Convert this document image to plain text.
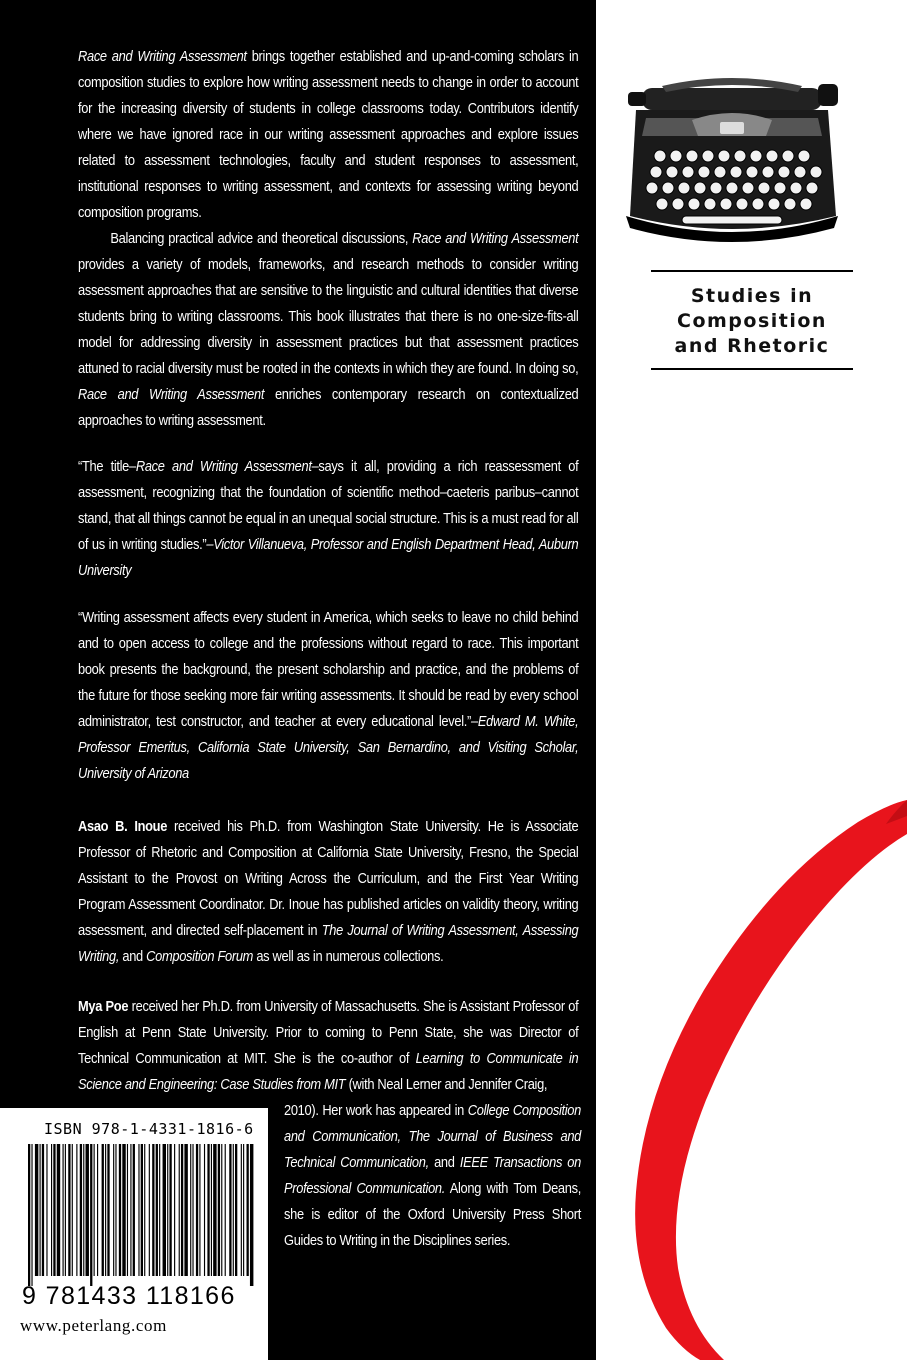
Race and Writing Assessment brings together established and up-and-coming scholars in composition studies to explore how writing assessment needs to change in order to account for the increasing diversity of students in college classrooms today. Contributors identify where we have ignored race in our writing assessment approaches and explore issues related to assessment technologies, faculty and student responses to assessment, institutional responses to writing assessment, and contexts for assessing writing beyond composition programs.

Balancing practical advice and theoretical discussions, Race and Writing Assessment provides a variety of models, frameworks, and research methods to consider writing assessment approaches that are sensitive to the linguistic and cultural identities that diverse students bring to writing classrooms. This book illustrates that there is no one-size-fits-all model for addressing diversity in assessment practices but that assessment practices attuned to racial diversity must be rooted in the contexts in which they are found. In doing so, Race and Writing Assessment enriches contemporary research on contextualized approaches to writing assessment.

“The title–Race and Writing Assessment–says it all, providing a rich reassessment of assessment, recognizing that the foundation of scientific method–caeteris paribus–cannot stand, that all things cannot be equal in an unequal social structure. This is a must read for all of us in writing studies.”–Victor Villanueva, Professor and English Department Head, Auburn University

“Writing assessment affects every student in America, which seeks to leave no child behind and to open access to college and the professions without regard to race. This important book presents the background, the present scholarship and practice, and the problems of the future for those seeking more fair writing assessments. It should be read by every school administrator, test constructor, and teacher at every educational level.”–Edward M. White, Professor Emeritus, California State University, San Bernardino, and Visiting Scholar, University of Arizona

Asao B. Inoue received his Ph.D. from Washington State University. He is Associate Professor of Rhetoric and Composition at California State University, Fresno, the Special Assistant to the Provost on Writing Across the Curriculum, and the First Year Writing Program Assessment Coordinator. Dr. Inoue has published articles on validity theory, writing assessment, and directed self-placement in The Journal of Writing Assessment, Assessing Writing, and Composition Forum as well as in numerous collections.

Mya Poe received her Ph.D. from University of Massachusetts. She is Assistant Professor of English at Penn State University. Prior to coming to Penn State, she was Director of Technical Communication at MIT. She is the co-author of Learning to Communicate in Science and Engineering: Case Studies from MIT (with Neal Lerner and Jennifer Craig,

2010). Her work has appeared in College Composition and Communication, The Journal of Business and Technical Communication, and IEEE Transactions on Professional Communication. Along with Tom Deans, she is editor of the Oxford University Press Short Guides to Writing in the Disciplines series.
Studies in
Composition
and Rhetoric
ISBN 978-1-4331-1816-6
9 781433 118166
www.peterlang.com
